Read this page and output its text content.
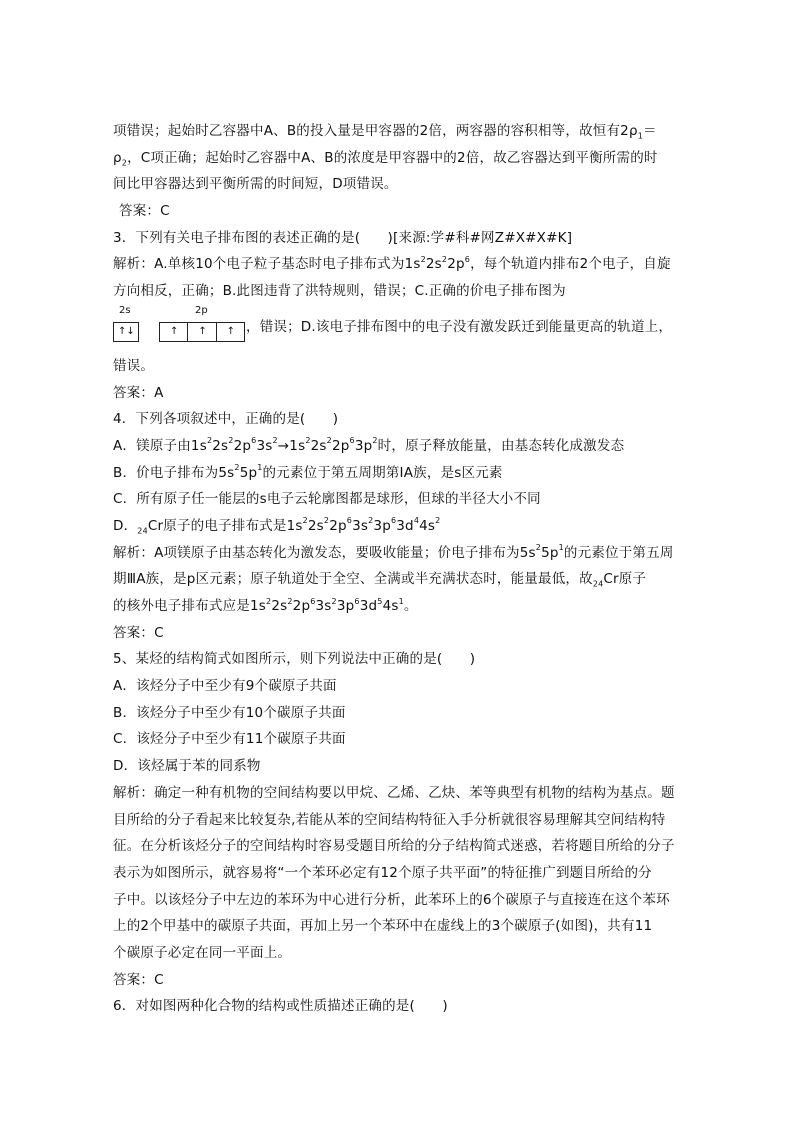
项错误；起始时乙容器中A、B的投入量是甲容器的2倍，两容器的容积相等，故恒有$2\rho_1=$
$\rho_2$，C项正确；起始时乙容器中A、B的浓度是甲容器中的2倍，故乙容器达到平衡所需的时
间比甲容器达到平衡所需的时间短，D项错误。
答案：C
3．下列有关电子排布图的表述正确的是(　　)[来源:学#科#网Z#X#X#K]
解析：A.单核10个电子粒子基态时电子排布式为$1s^22s^22p^6$，每个轨道内排布2个电子，自旋
方向相反，正确；B.此图违背了洪特规则，错误；C.正确的价电子排布图为
2s	2p
↑↓	↑ ↑ ↑ ，错误；D.该电子排布图中的电子没有激发跃迁到能量更高的轨道上，
错误。
答案：A
4．下列各项叙述中，正确的是(　　)
A．镁原子由$1s^22s^22p^63s^2\to 1s^22s^22p^63p^2$时，原子释放能量，由基态转化成激发态
B．价电子排布为$5s^25p^1$的元素位于第五周期第ⅠA族，是s区元素
C．所有原子任一能层的s电子云轮廓图都是球形，但球的半径大小不同
D．$_{24}$Cr原子的电子排布式是$1s^22s^22p^63s^23p^63d^44s^2$
解析：A项镁原子由基态转化为激发态，要吸收能量；价电子排布为$5s^25p^1$的元素位于第五周
期ⅢA族，是p区元素；原子轨道处于全空、全满或半充满状态时，能量最低，故$_{24}$Cr原子
的核外电子排布式应是$1s^22s^22p^63s^23p^63d^54s^1$。
答案：C
5、某烃的结构简式如图所示，则下列说法中正确的是(　　)
A．该烃分子中至少有9个碳原子共面
B．该烃分子中至少有10个碳原子共面
C．该烃分子中至少有11个碳原子共面
D．该烃属于苯的同系物
解析：确定一种有机物的空间结构要以甲烷、乙烯、乙炔、苯等典型有机物的结构为基点。题
目所给的分子看起来比较复杂,若能从苯的空间结构特征入手分析就很容易理解其空间结构特
征。在分析该烃分子的空间结构时容易受题目所给的分子结构简式迷惑，若将题目所给的分子
表示为如图所示，就容易将“一个苯环必定有12个原子共平面”的特征推广到题目所给的分
子中。以该烃分子中左边的苯环为中心进行分析，此苯环上的6个碳原子与直接连在这个苯环
上的2个甲基中的碳原子共面，再加上另一个苯环中在虚线上的3个碳原子(如图)，共有11
个碳原子必定在同一平面上。
答案：C
6．对如图两种化合物的结构或性质描述正确的是(　　)
